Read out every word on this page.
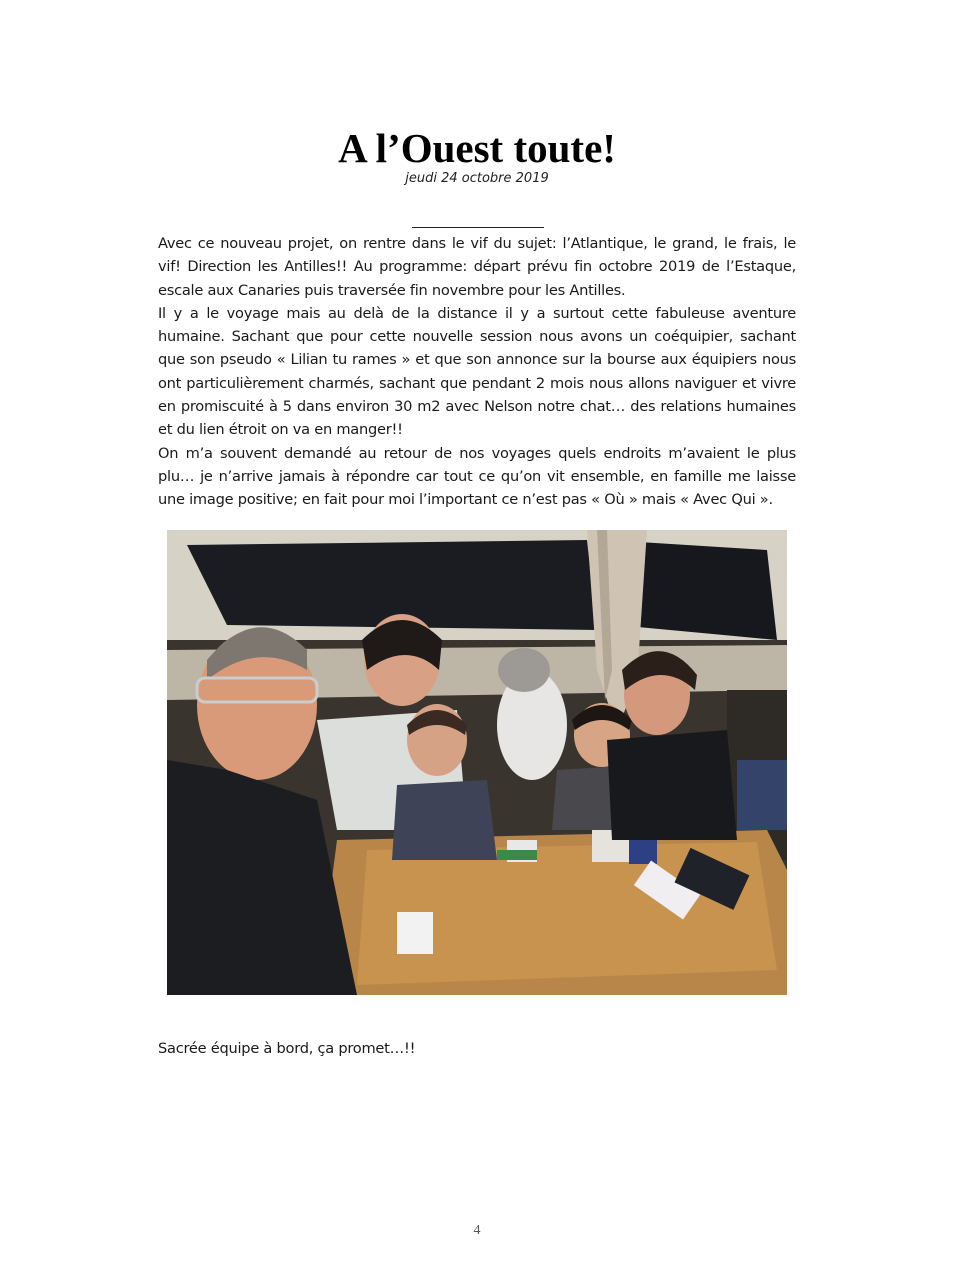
A l’Ouest toute!
jeudi 24 octobre 2019

Avec ce nouveau projet, on rentre dans le vif du sujet: l’Atlantique, le grand, le frais, le vif! Direction les Antilles!! Au programme: départ prévu fin octobre 2019 de l’Estaque, escale aux Canaries puis traversée fin novembre pour les Antilles.

Il y a le voyage mais au delà de la distance il y a surtout cette fabuleuse aventure humaine. Sachant que pour cette nouvelle session nous avons un coéquipier, sachant que son pseudo « Lilian tu rames » et que son annonce sur la bourse aux équipiers nous ont particulièrement charmés, sachant que pendant 2 mois nous allons naviguer et vivre en promiscuité à 5 dans environ 30 m2 avec Nelson notre chat… des relations humaines et du lien étroit on va en manger!!

On m’a souvent demandé au retour de nos voyages quels endroits m’avaient le plus plu… je n’arrive jamais à répondre car tout ce qu’on vit ensemble, en famille me laisse une image positive; en fait pour moi l’important ce n’est pas « Où » mais « Avec Qui ».

Sacrée équipe à bord, ça promet…!!
4
